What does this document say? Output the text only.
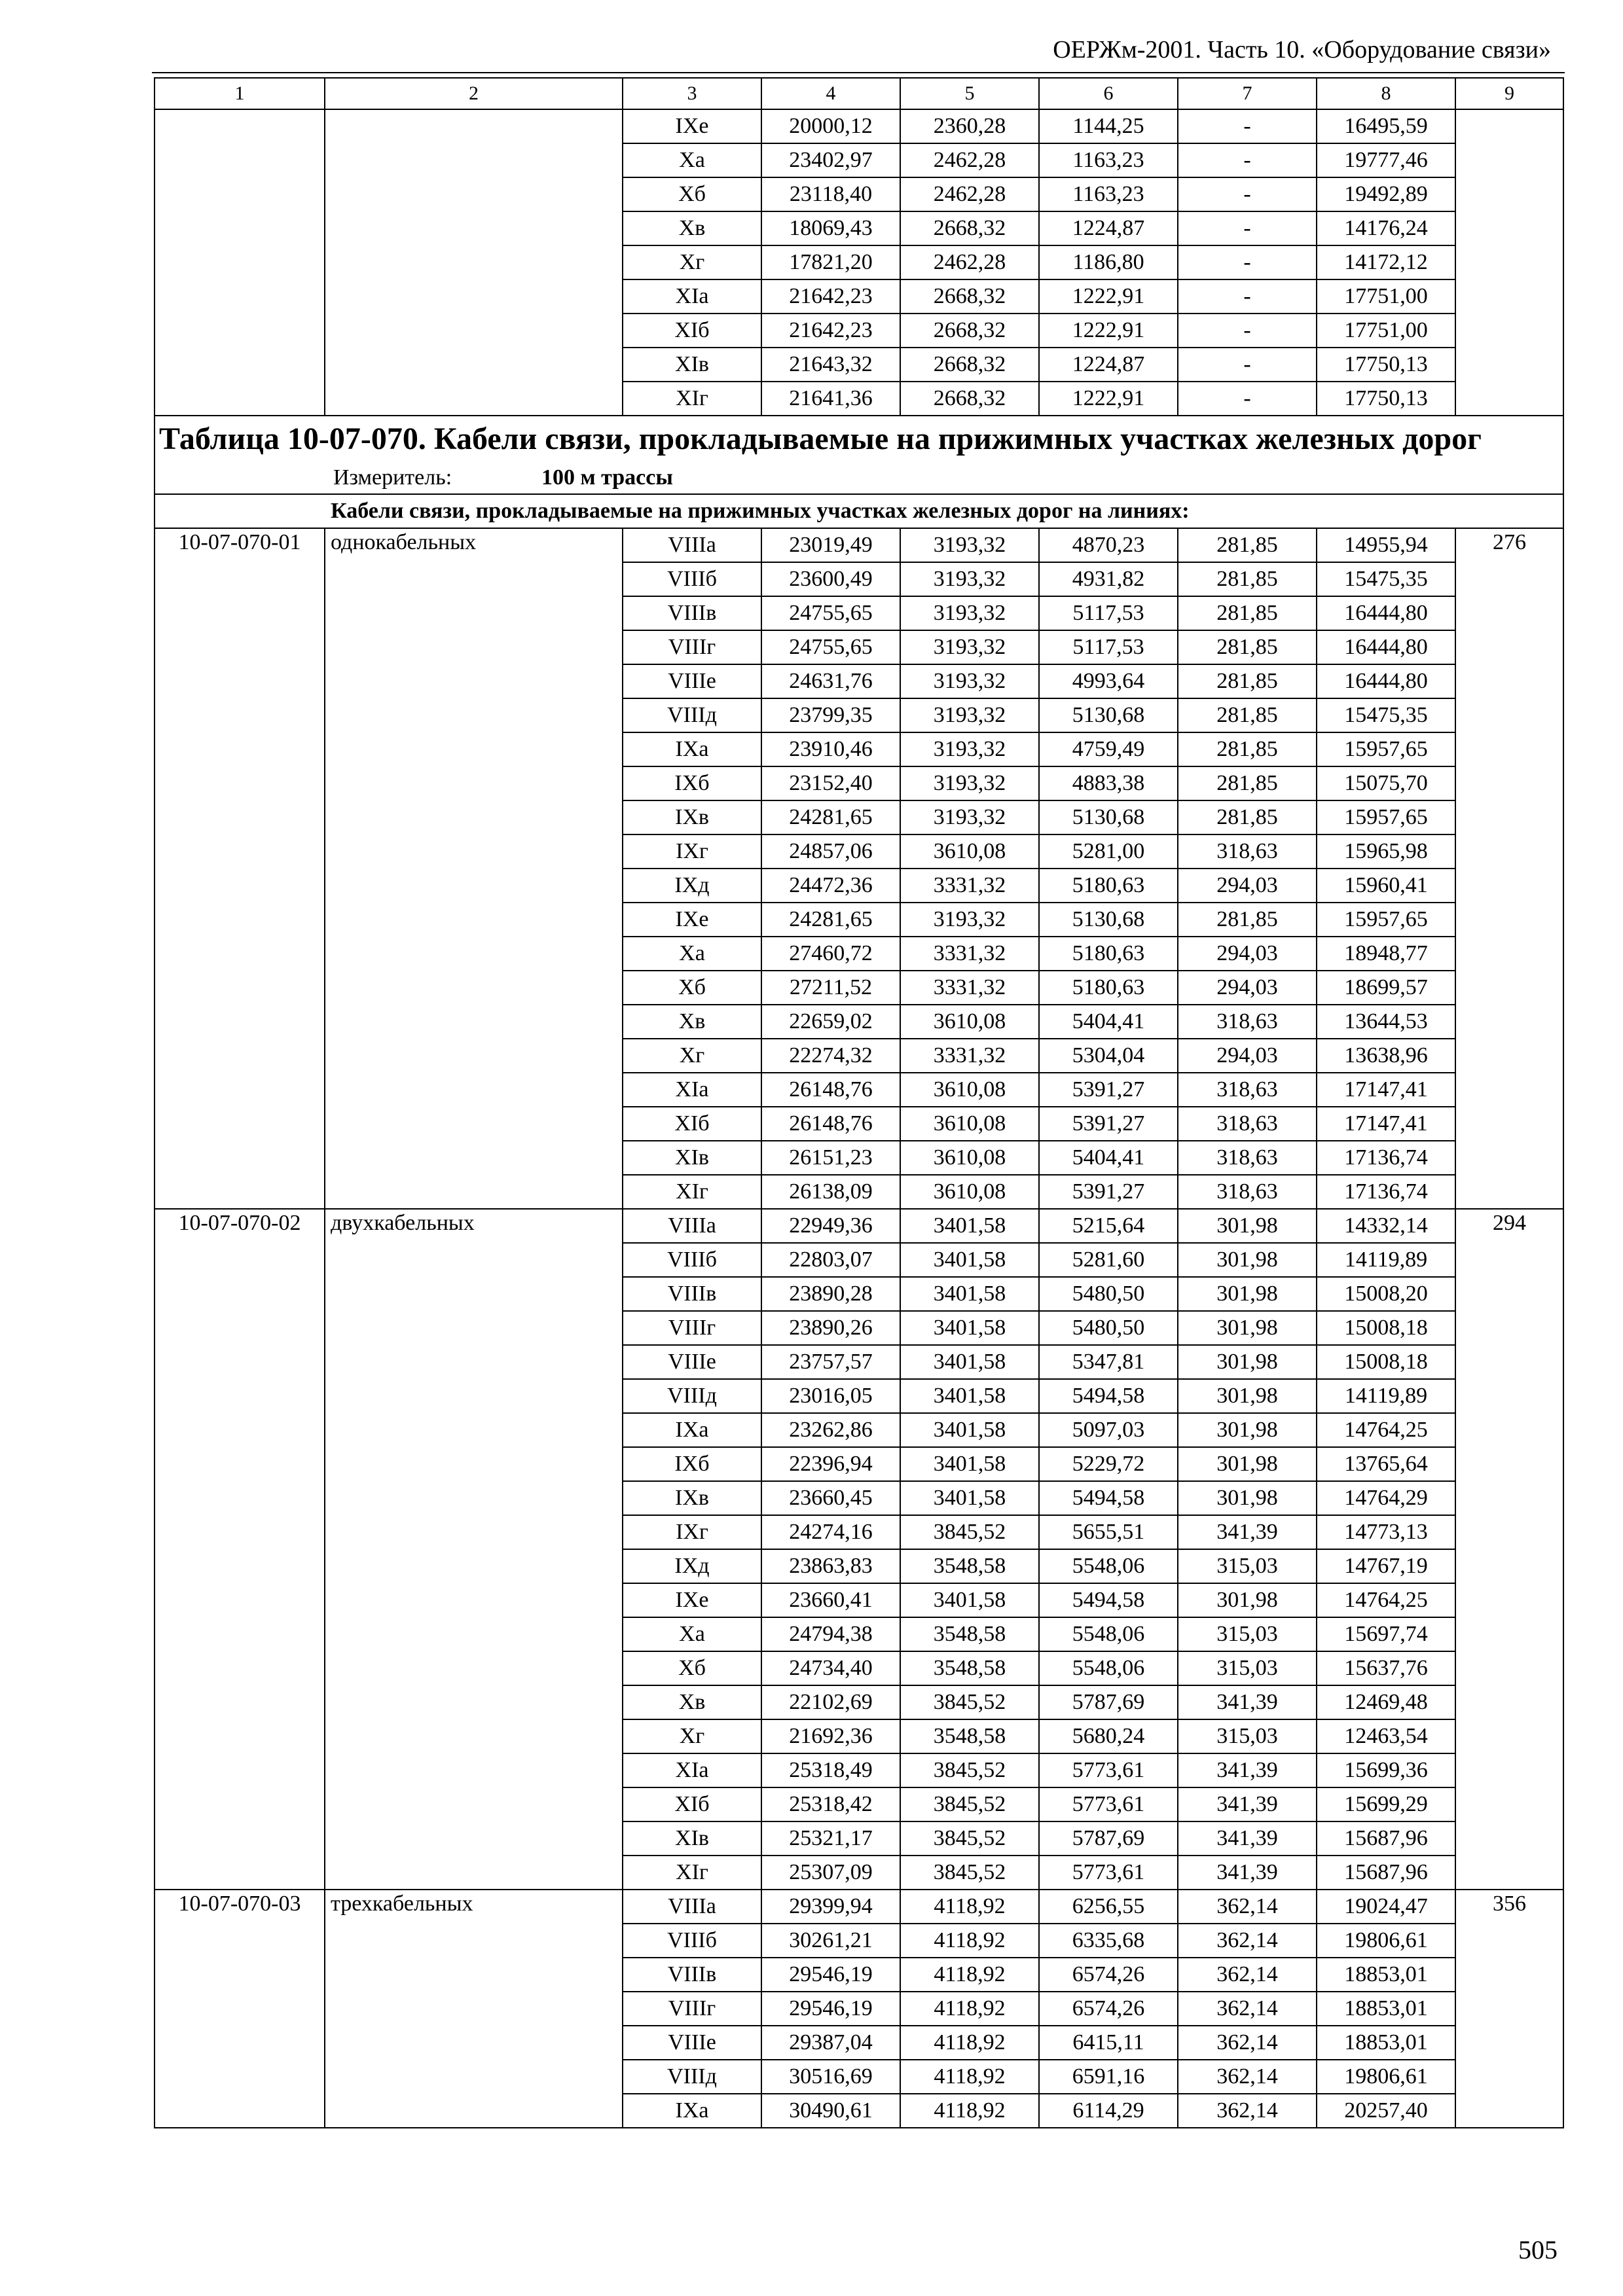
ОЕРЖм-2001. Часть 10. «Оборудование связи»
1	2	3	4	5	6	7	8	9
		IXе	20000,12	2360,28	1144,25	-	16495,59	
		Xа	23402,97	2462,28	1163,23	-	19777,46	
		Xб	23118,40	2462,28	1163,23	-	19492,89	
		Xв	18069,43	2668,32	1224,87	-	14176,24	
		Xг	17821,20	2462,28	1186,80	-	14172,12	
		XIа	21642,23	2668,32	1222,91	-	17751,00	
		XIб	21642,23	2668,32	1222,91	-	17751,00	
		XIв	21643,32	2668,32	1224,87	-	17750,13	
		XIг	21641,36	2668,32	1222,91	-	17750,13	
Таблица 10-07-070. Кабели связи, прокладываемые на прижимных участках железных дорог								
Измеритель: 100 м трассы								
Кабели связи, прокладываемые на прижимных участках железных дорог на линиях:								
10-07-070-01	однокабельных	VIIIа	23019,49	3193,32	4870,23	281,85	14955,94	276
		VIIIб	23600,49	3193,32	4931,82	281,85	15475,35	
		VIIIв	24755,65	3193,32	5117,53	281,85	16444,80	
		VIIIг	24755,65	3193,32	5117,53	281,85	16444,80	
		VIIIе	24631,76	3193,32	4993,64	281,85	16444,80	
		VIIIд	23799,35	3193,32	5130,68	281,85	15475,35	
		IXа	23910,46	3193,32	4759,49	281,85	15957,65	
		IXб	23152,40	3193,32	4883,38	281,85	15075,70	
		IXв	24281,65	3193,32	5130,68	281,85	15957,65	
		IXг	24857,06	3610,08	5281,00	318,63	15965,98	
		IXд	24472,36	3331,32	5180,63	294,03	15960,41	
		IXе	24281,65	3193,32	5130,68	281,85	15957,65	
		Xа	27460,72	3331,32	5180,63	294,03	18948,77	
		Xб	27211,52	3331,32	5180,63	294,03	18699,57	
		Xв	22659,02	3610,08	5404,41	318,63	13644,53	
		Xг	22274,32	3331,32	5304,04	294,03	13638,96	
		XIа	26148,76	3610,08	5391,27	318,63	17147,41	
		XIб	26148,76	3610,08	5391,27	318,63	17147,41	
		XIв	26151,23	3610,08	5404,41	318,63	17136,74	
		XIг	26138,09	3610,08	5391,27	318,63	17136,74	
10-07-070-02	двухкабельных	VIIIа	22949,36	3401,58	5215,64	301,98	14332,14	294
		VIIIб	22803,07	3401,58	5281,60	301,98	14119,89	
		VIIIв	23890,28	3401,58	5480,50	301,98	15008,20	
		VIIIг	23890,26	3401,58	5480,50	301,98	15008,18	
		VIIIе	23757,57	3401,58	5347,81	301,98	15008,18	
		VIIIд	23016,05	3401,58	5494,58	301,98	14119,89	
		IXа	23262,86	3401,58	5097,03	301,98	14764,25	
		IXб	22396,94	3401,58	5229,72	301,98	13765,64	
		IXв	23660,45	3401,58	5494,58	301,98	14764,29	
		IXг	24274,16	3845,52	5655,51	341,39	14773,13	
		IXд	23863,83	3548,58	5548,06	315,03	14767,19	
		IXе	23660,41	3401,58	5494,58	301,98	14764,25	
		Xа	24794,38	3548,58	5548,06	315,03	15697,74	
		Xб	24734,40	3548,58	5548,06	315,03	15637,76	
		Xв	22102,69	3845,52	5787,69	341,39	12469,48	
		Xг	21692,36	3548,58	5680,24	315,03	12463,54	
		XIа	25318,49	3845,52	5773,61	341,39	15699,36	
		XIб	25318,42	3845,52	5773,61	341,39	15699,29	
		XIв	25321,17	3845,52	5787,69	341,39	15687,96	
		XIг	25307,09	3845,52	5773,61	341,39	15687,96	
10-07-070-03	трехкабельных	VIIIа	29399,94	4118,92	6256,55	362,14	19024,47	356
		VIIIб	30261,21	4118,92	6335,68	362,14	19806,61	
		VIIIв	29546,19	4118,92	6574,26	362,14	18853,01	
		VIIIг	29546,19	4118,92	6574,26	362,14	18853,01	
		VIIIе	29387,04	4118,92	6415,11	362,14	18853,01	
		VIIIд	30516,69	4118,92	6591,16	362,14	19806,61	
		IXа	30490,61	4118,92	6114,29	362,14	20257,40	
505
